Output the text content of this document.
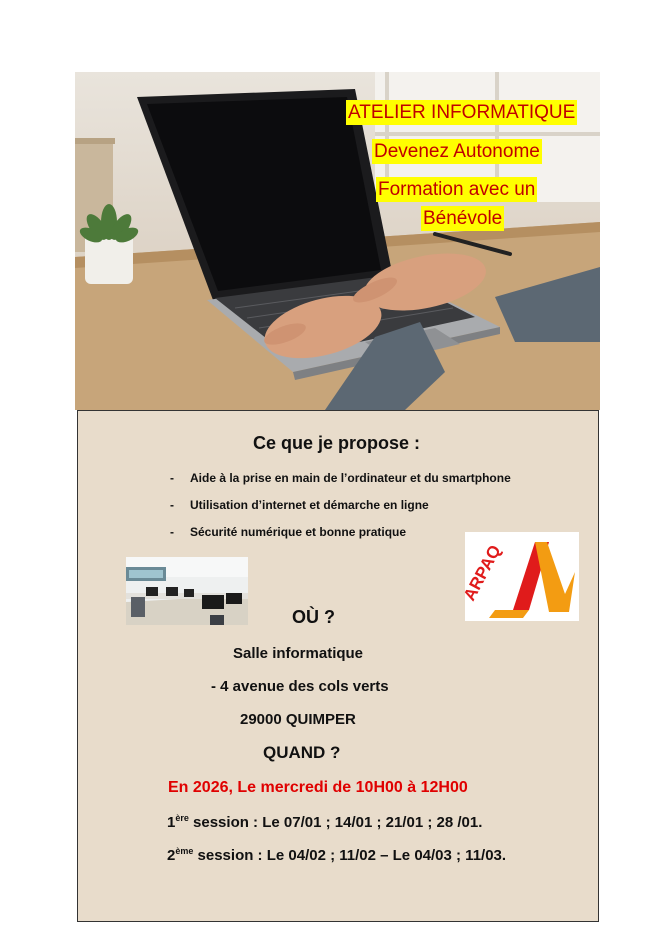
ATELIER INFORMATIQUE
Devenez Autonome
Formation avec un
Bénévole
Ce que je propose :
- Aide à la prise en main de l’ordinateur et du smartphone
- Utilisation d’internet et démarche en ligne
- Sécurité numérique et bonne pratique
ARPAQ
OÙ ?
Salle informatique
- 4 avenue des cols verts
29000 QUIMPER
QUAND ?
En 2026, Le mercredi de 10H00 à 12H00
1ère session : Le 07/01 ; 14/01 ; 21/01 ; 28 /01.
2ème session : Le 04/02 ; 11/02 – Le 04/03 ; 11/03.
